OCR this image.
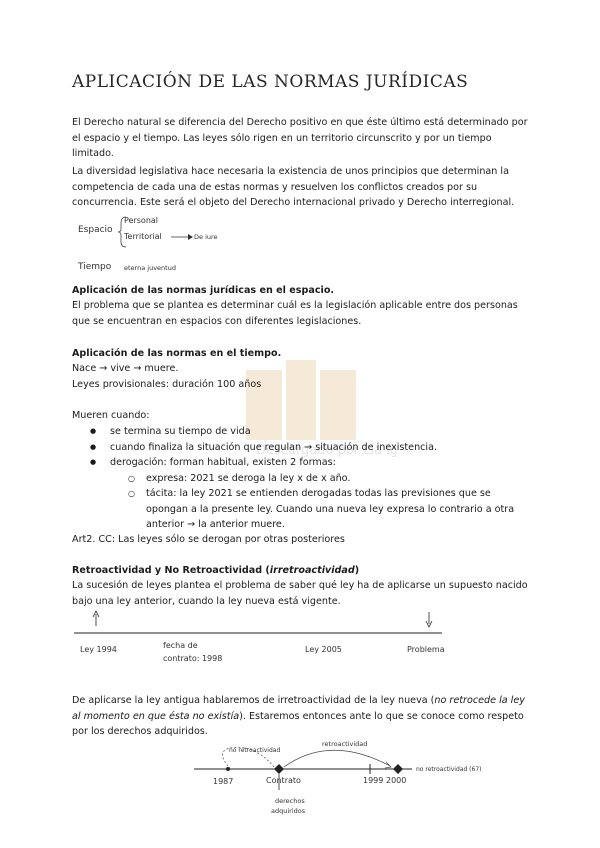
Descargado por Lia ig
APLICACIÓN DE LAS NORMAS JURÍDICAS
El Derecho natural se diferencia del Derecho positivo en que éste último está determinado por el espacio y el tiempo. Las leyes sólo rigen en un territorio circunscrito y por un tiempo limitado.
La diversidad legislativa hace necesaria la existencia de unos principios que determinan la competencia de cada una de estas normas y resuelven los conflictos creados por su concurrencia. Este será el objeto del Derecho internacional privado y Derecho interregional.
Espacio
Personal
Territorial	De iure
Tiempo eterna juventud
Aplicación de las normas jurídicas en el espacio.
El problema que se plantea es determinar cuál es la legislación aplicable entre dos personas que se encuentran en espacios con diferentes legislaciones.
Aplicación de las normas en el tiempo.
Nace → vive → muere.
Leyes provisionales: duración 100 años
Mueren cuando:
● se termina su tiempo de vida
● cuando finaliza la situación que regulan → situación de inexistencia.
● derogación: forman habitual, existen 2 formas:
○ expresa: 2021 se deroga la ley x de x año.
○ tácita: la ley 2021 se entienden derogadas todas las previsiones que se opongan a la presente ley. Cuando una nueva ley expresa lo contrario a otra anterior → la anterior muere.
Art2. CC: Las leyes sólo se derogan por otras posteriores
Retroactividad y No Retroactividad (irretroactividad)
La sucesión de leyes plantea el problema de saber qué ley ha de aplicarse un supuesto nacido bajo una ley anterior, cuando la ley nueva está vigente.
Ley 1994	fecha de
contrato: 1998
Ley 2005	Problema
De aplicarse la ley antigua hablaremos de irretroactividad de la ley nueva (no retrocede la ley al momento en que ésta no existía). Estaremos entonces ante lo que se conoce como respeto por los derechos adquiridos.
no retroactividad
retroactividad
1987	Contrato	1999 2000
no retroactividad (67)
derechos
adquiridos
